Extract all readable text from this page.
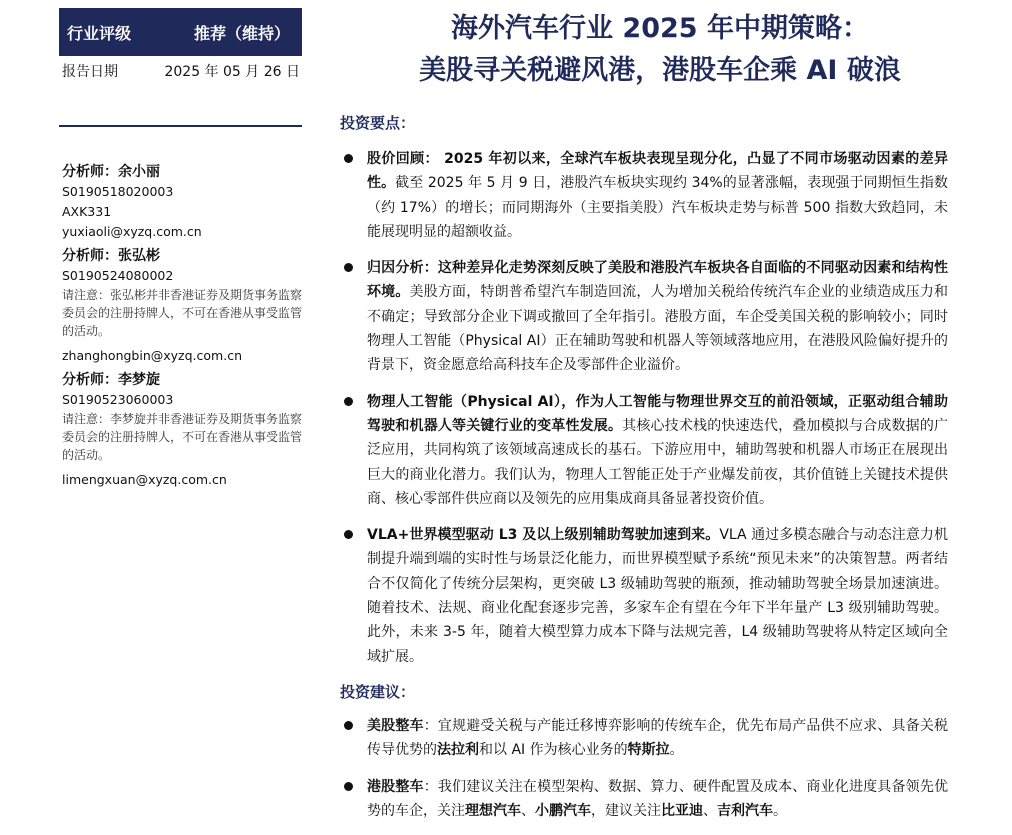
行业评级	推荐（维持）
报告日期	2025 年 05 月 26 日
分析师：余小丽
S0190518020003
AXK331
yuxiaoli@xyzq.com.cn
分析师：张弘彬
S0190524080002
请注意：张弘彬并非香港证券及期货事务监察委员会的注册持牌人，不可在香港从事受监管的活动。
zhanghongbin@xyzq.com.cn
分析师：李梦旋
S0190523060003
请注意：李梦旋并非香港证券及期货事务监察委员会的注册持牌人，不可在香港从事受监管的活动。
limengxuan@xyzq.com.cn
海外汽车行业 2025 年中期策略：
美股寻关税避风港，港股车企乘 AI 破浪
投资要点：
股价回顾： 2025 年初以来，全球汽车板块表现呈现分化，凸显了不同市场驱动因素的差异性。截至 2025 年 5 月 9 日，港股汽车板块实现约 34%的显著涨幅，表现强于同期恒生指数（约 17%）的增长；而同期海外（主要指美股）汽车板块走势与标普 500 指数大致趋同，未能展现明显的超额收益。
归因分析：这种差异化走势深刻反映了美股和港股汽车板块各自面临的不同驱动因素和结构性环境。美股方面，特朗普希望汽车制造回流，人为增加关税给传统汽车企业的业绩造成压力和不确定；导致部分企业下调或撤回了全年指引。港股方面，车企受美国关税的影响较小；同时物理人工智能（Physical AI）正在辅助驾驶和机器人等领域落地应用，在港股风险偏好提升的背景下，资金愿意给高科技车企及零部件企业溢价。
物理人工智能（Physical AI），作为人工智能与物理世界交互的前沿领域，正驱动组合辅助驾驶和机器人等关键行业的变革性发展。其核心技术栈的快速迭代，叠加模拟与合成数据的广泛应用，共同构筑了该领域高速成长的基石。下游应用中，辅助驾驶和机器人市场正在展现出巨大的商业化潜力。我们认为，物理人工智能正处于产业爆发前夜，其价值链上关键技术提供商、核心零部件供应商以及领先的应用集成商具备显著投资价值。
VLA+世界模型驱动 L3 及以上级别辅助驾驶加速到来。VLA 通过多模态融合与动态注意力机制提升端到端的实时性与场景泛化能力，而世界模型赋予系统“预见未来”的决策智慧。两者结合不仅简化了传统分层架构，更突破 L3 级辅助驾驶的瓶颈，推动辅助驾驶全场景加速演进。随着技术、法规、商业化配套逐步完善，多家车企有望在今年下半年量产 L3 级别辅助驾驶。此外，未来 3-5 年，随着大模型算力成本下降与法规完善，L4 级辅助驾驶将从特定区域向全域扩展。
投资建议：
美股整车：宜规避受关税与产能迁移博弈影响的传统车企，优先布局产品供不应求、具备关税传导优势的法拉利和以 AI 作为核心业务的特斯拉。
港股整车：我们建议关注在模型架构、数据、算力、硬件配置及成本、商业化进度具备领先优势的车企，关注理想汽车、小鹏汽车，建议关注比亚迪、吉利汽车。
